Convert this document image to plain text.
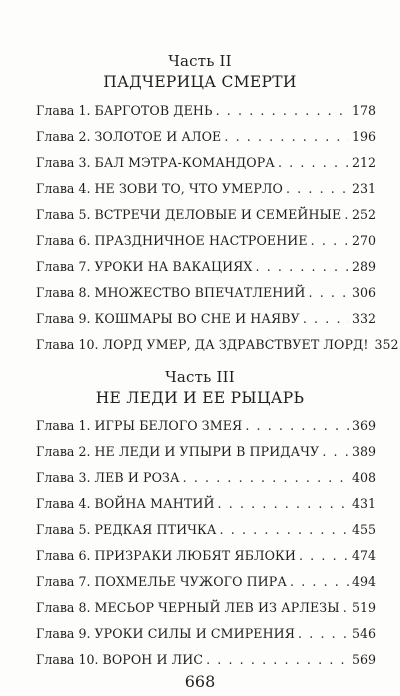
Часть II
ПАДЧЕРИЦА СМЕРТИ
Глава 1. БАРГОТОВ ДЕНЬ . . .	178
Глава 2. ЗОЛОТОЕ И АЛОЕ . . .	196
Глава 3. БАЛ МЭТРА-КОМАНДОРА . . .	212
Глава 4. НЕ ЗОВИ ТО, ЧТО УМЕРЛО . . .	231
Глава 5. ВСТРЕЧИ ДЕЛОВЫЕ И СЕМЕЙНЫЕ . . . 252
Глава 6. ПРАЗДНИЧНОЕ НАСТРОЕНИЕ . . .	270
Глава 7. УРОКИ НА ВАКАЦИЯХ . . .	289
Глава 8. МНОЖЕСТВО ВПЕЧАТЛЕНИЙ . . .	306
Глава 9. КОШМАРЫ ВО СНЕ И НАЯВУ . . .	332
Глава 10. ЛОРД УМЕР, ДА ЗДРАВСТВУЕТ ЛОРД! 352
Часть III
НЕ ЛЕДИ И ЕЕ РЫЦАРЬ
Глава 1. ИГРЫ БЕЛОГО ЗМЕЯ . . .	369
Глава 2. НЕ ЛЕДИ И УПЫРИ В ПРИДАЧУ . . .	389
Глава 3. ЛЕВ И РОЗА . . .	408
Глава 4. ВОЙНА МАНТИЙ . . .	431
Глава 5. РЕДКАЯ ПТИЧКА . . .	455
Глава 6. ПРИЗРАКИ ЛЮБЯТ ЯБЛОКИ . . .	474
Глава 7. ПОХМЕЛЬЕ ЧУЖОГО ПИРА . . .	494
Глава 8. МЕСЬОР ЧЕРНЫЙ ЛЕВ ИЗ АРЛЕЗЫ . . . 519
Глава 9. УРОКИ СИЛЫ И СМИРЕНИЯ . . .	546
Глава 10. ВОРОН И ЛИС . . .	569
668
